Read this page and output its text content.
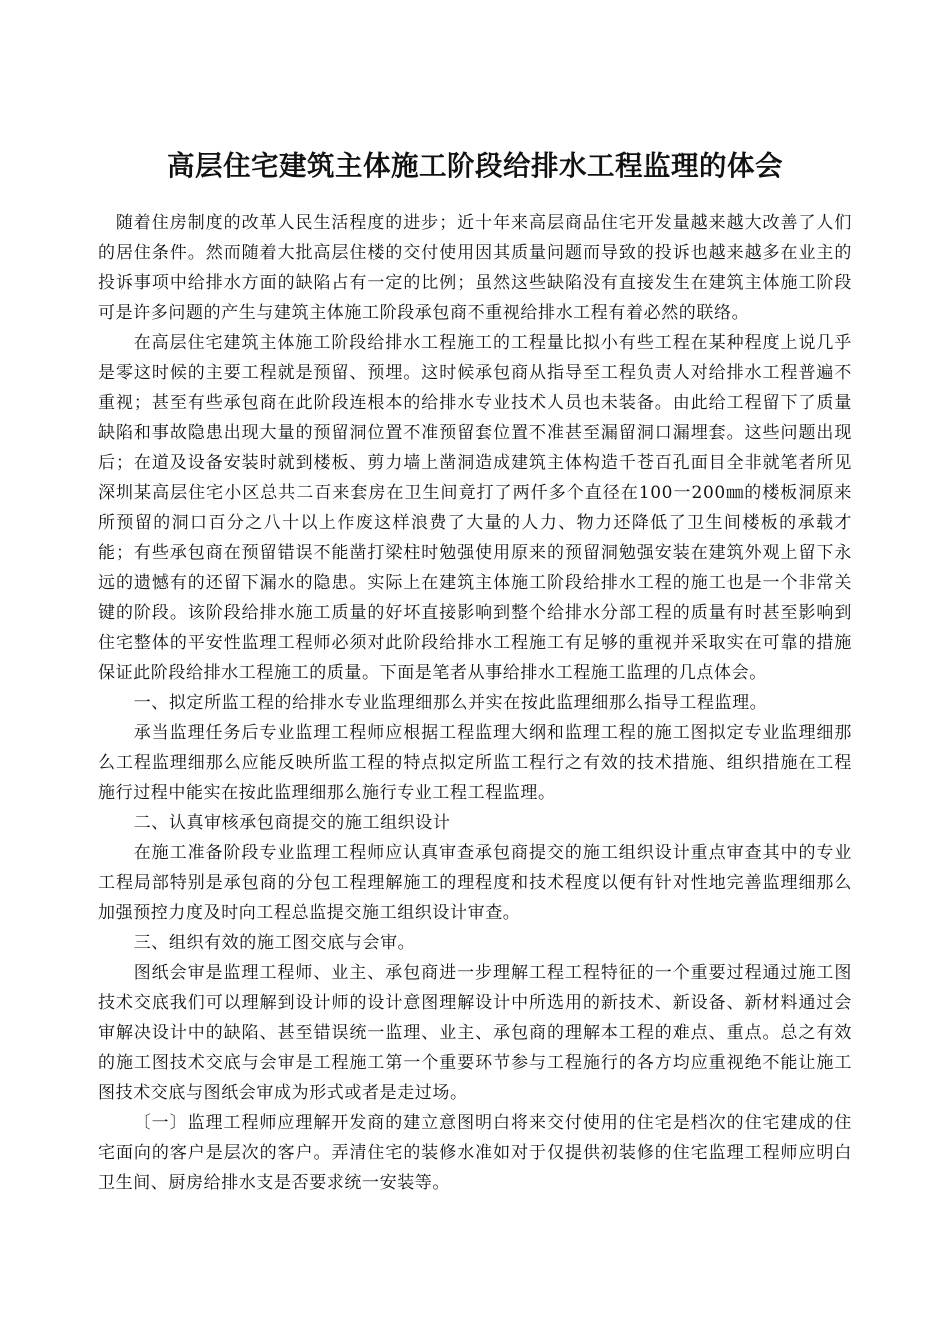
高层住宅建筑主体施工阶段给排水工程监理的体会

随着住房制度的改革人民生活程度的进步；近十年来高层商品住宅开发量越来越大改善了人们的居住条件。然而随着大批高层住楼的交付使用因其质量问题而导致的投诉也越来越多在业主的投诉事项中给排水方面的缺陷占有一定的比例；虽然这些缺陷没有直接发生在建筑主体施工阶段可是许多问题的产生与建筑主体施工阶段承包商不重视给排水工程有着必然的联络。

在高层住宅建筑主体施工阶段给排水工程施工的工程量比拟小有些工程在某种程度上说几乎是零这时候的主要工程就是预留、预埋。这时候承包商从指导至工程负责人对给排水工程普遍不重视；甚至有些承包商在此阶段连根本的给排水专业技术人员也未装备。由此给工程留下了质量缺陷和事故隐患出现大量的预留洞位置不准预留套位置不准甚至漏留洞口漏埋套。这些问题出现后；在道及设备安装时就到楼板、剪力墙上凿洞造成建筑主体构造千苍百孔面目全非就笔者所见深圳某高层住宅小区总共二百来套房在卫生间竟打了两仟多个直径在100一200㎜的楼板洞原来所预留的洞口百分之八十以上作废这样浪费了大量的人力、物力还降低了卫生间楼板的承载才能；有些承包商在预留错误不能凿打梁柱时勉强使用原来的预留洞勉强安装在建筑外观上留下永远的遗憾有的还留下漏水的隐患。实际上在建筑主体施工阶段给排水工程的施工也是一个非常关键的阶段。该阶段给排水施工质量的好坏直接影响到整个给排水分部工程的质量有时甚至影响到住宅整体的平安性监理工程师必须对此阶段给排水工程施工有足够的重视并采取实在可靠的措施保证此阶段给排水工程施工的质量。下面是笔者从事给排水工程施工监理的几点体会。

一、拟定所监工程的给排水专业监理细那么并实在按此监理细那么指导工程监理。

承当监理任务后专业监理工程师应根据工程监理大纲和监理工程的施工图拟定专业监理细那么工程监理细那么应能反映所监工程的特点拟定所监工程行之有效的技术措施、组织措施在工程施行过程中能实在按此监理细那么施行专业工程工程监理。

二、认真审核承包商提交的施工组织设计

在施工准备阶段专业监理工程师应认真审查承包商提交的施工组织设计重点审查其中的专业工程局部特别是承包商的分包工程理解施工的理程度和技术程度以便有针对性地完善监理细那么加强预控力度及时向工程总监提交施工组织设计审查。

三、组织有效的施工图交底与会审。

图纸会审是监理工程师、业主、承包商进一步理解工程工程特征的一个重要过程通过施工图技术交底我们可以理解到设计师的设计意图理解设计中所选用的新技术、新设备、新材料通过会审解决设计中的缺陷、甚至错误统一监理、业主、承包商的理解本工程的难点、重点。总之有效的施工图技术交底与会审是工程施工第一个重要环节参与工程施行的各方均应重视绝不能让施工图技术交底与图纸会审成为形式或者是走过场。

〔一〕监理工程师应理解开发商的建立意图明白将来交付使用的住宅是档次的住宅建成的住宅面向的客户是层次的客户。弄清住宅的装修水准如对于仅提供初装修的住宅监理工程师应明白卫生间、厨房给排水支是否要求统一安装等。
